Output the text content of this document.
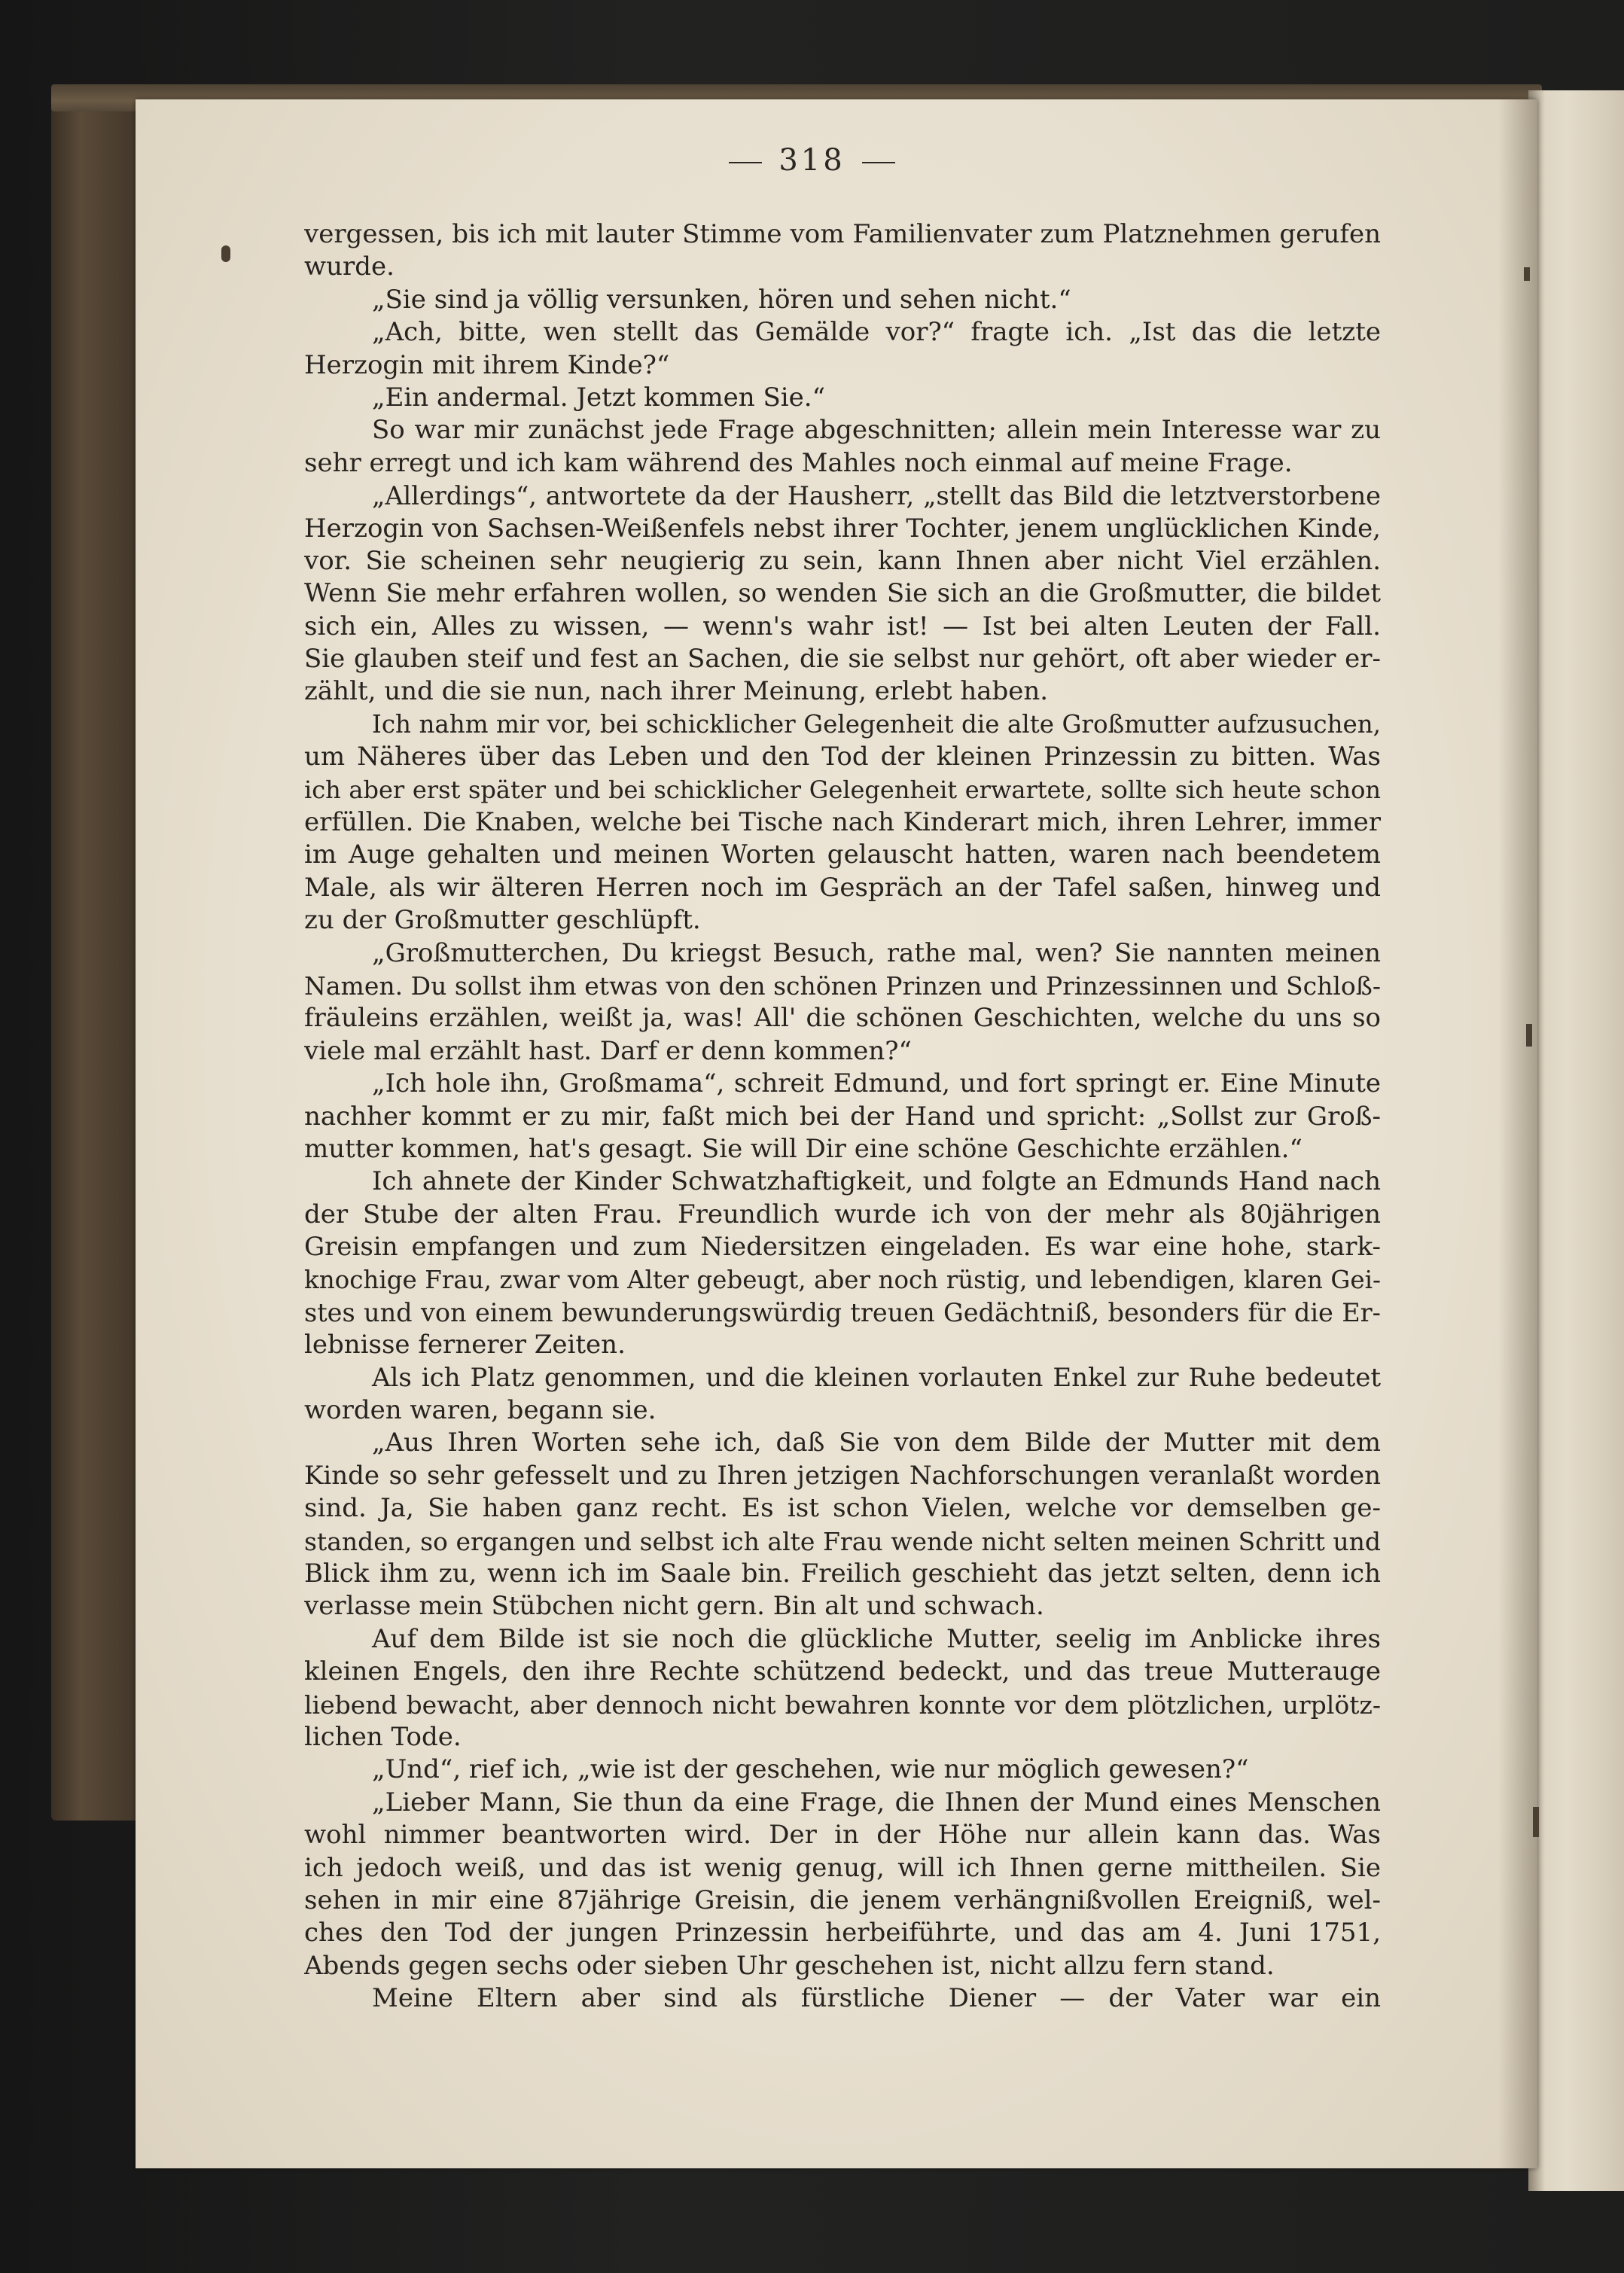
318
vergessen, bis ich mit lauter Stimme vom Familienvater zum Platznehmen gerufen
wurde.
„Sie sind ja völlig versunken, hören und sehen nicht.“
„Ach, bitte, wen stellt das Gemälde vor?“ fragte ich. „Ist das die letzte
Herzogin mit ihrem Kinde?“
„Ein andermal. Jetzt kommen Sie.“
So war mir zunächst jede Frage abgeschnitten; allein mein Interesse war zu
sehr erregt und ich kam während des Mahles noch einmal auf meine Frage.
„Allerdings“, antwortete da der Hausherr, „stellt das Bild die letztverstorbene
Herzogin von Sachsen-Weißenfels nebst ihrer Tochter, jenem unglücklichen Kinde,
vor. Sie scheinen sehr neugierig zu sein, kann Ihnen aber nicht Viel erzählen.
Wenn Sie mehr erfahren wollen, so wenden Sie sich an die Großmutter, die bildet
sich ein, Alles zu wissen, — wenn's wahr ist! — Ist bei alten Leuten der Fall.
Sie glauben steif und fest an Sachen, die sie selbst nur gehört, oft aber wieder er-
zählt, und die sie nun, nach ihrer Meinung, erlebt haben.
Ich nahm mir vor, bei schicklicher Gelegenheit die alte Großmutter aufzusuchen,
um Näheres über das Leben und den Tod der kleinen Prinzessin zu bitten. Was
ich aber erst später und bei schicklicher Gelegenheit erwartete, sollte sich heute schon
erfüllen. Die Knaben, welche bei Tische nach Kinderart mich, ihren Lehrer, immer
im Auge gehalten und meinen Worten gelauscht hatten, waren nach beendetem
Male, als wir älteren Herren noch im Gespräch an der Tafel saßen, hinweg und
zu der Großmutter geschlüpft.
„Großmutterchen, Du kriegst Besuch, rathe mal, wen? Sie nannten meinen
Namen. Du sollst ihm etwas von den schönen Prinzen und Prinzessinnen und Schloß-
fräuleins erzählen, weißt ja, was! All' die schönen Geschichten, welche du uns so
viele mal erzählt hast. Darf er denn kommen?“
„Ich hole ihn, Großmama“, schreit Edmund, und fort springt er. Eine Minute
nachher kommt er zu mir, faßt mich bei der Hand und spricht: „Sollst zur Groß-
mutter kommen, hat's gesagt. Sie will Dir eine schöne Geschichte erzählen.“
Ich ahnete der Kinder Schwatzhaftigkeit, und folgte an Edmunds Hand nach
der Stube der alten Frau. Freundlich wurde ich von der mehr als 80jährigen
Greisin empfangen und zum Niedersitzen eingeladen. Es war eine hohe, stark-
knochige Frau, zwar vom Alter gebeugt, aber noch rüstig, und lebendigen, klaren Gei-
stes und von einem bewunderungswürdig treuen Gedächtniß, besonders für die Er-
lebnisse fernerer Zeiten.
Als ich Platz genommen, und die kleinen vorlauten Enkel zur Ruhe bedeutet
worden waren, begann sie.
„Aus Ihren Worten sehe ich, daß Sie von dem Bilde der Mutter mit dem
Kinde so sehr gefesselt und zu Ihren jetzigen Nachforschungen veranlaßt worden
sind. Ja, Sie haben ganz recht. Es ist schon Vielen, welche vor demselben ge-
standen, so ergangen und selbst ich alte Frau wende nicht selten meinen Schritt und
Blick ihm zu, wenn ich im Saale bin. Freilich geschieht das jetzt selten, denn ich
verlasse mein Stübchen nicht gern. Bin alt und schwach.
Auf dem Bilde ist sie noch die glückliche Mutter, seelig im Anblicke ihres
kleinen Engels, den ihre Rechte schützend bedeckt, und das treue Mutterauge
liebend bewacht, aber dennoch nicht bewahren konnte vor dem plötzlichen, urplötz-
lichen Tode.
„Und“, rief ich, „wie ist der geschehen, wie nur möglich gewesen?“
„Lieber Mann, Sie thun da eine Frage, die Ihnen der Mund eines Menschen
wohl nimmer beantworten wird. Der in der Höhe nur allein kann das. Was
ich jedoch weiß, und das ist wenig genug, will ich Ihnen gerne mittheilen. Sie
sehen in mir eine 87jährige Greisin, die jenem verhängnißvollen Ereigniß, wel-
ches den Tod der jungen Prinzessin herbeiführte, und das am 4. Juni 1751,
Abends gegen sechs oder sieben Uhr geschehen ist, nicht allzu fern stand.
Meine Eltern aber sind als fürstliche Diener — der Vater war ein
